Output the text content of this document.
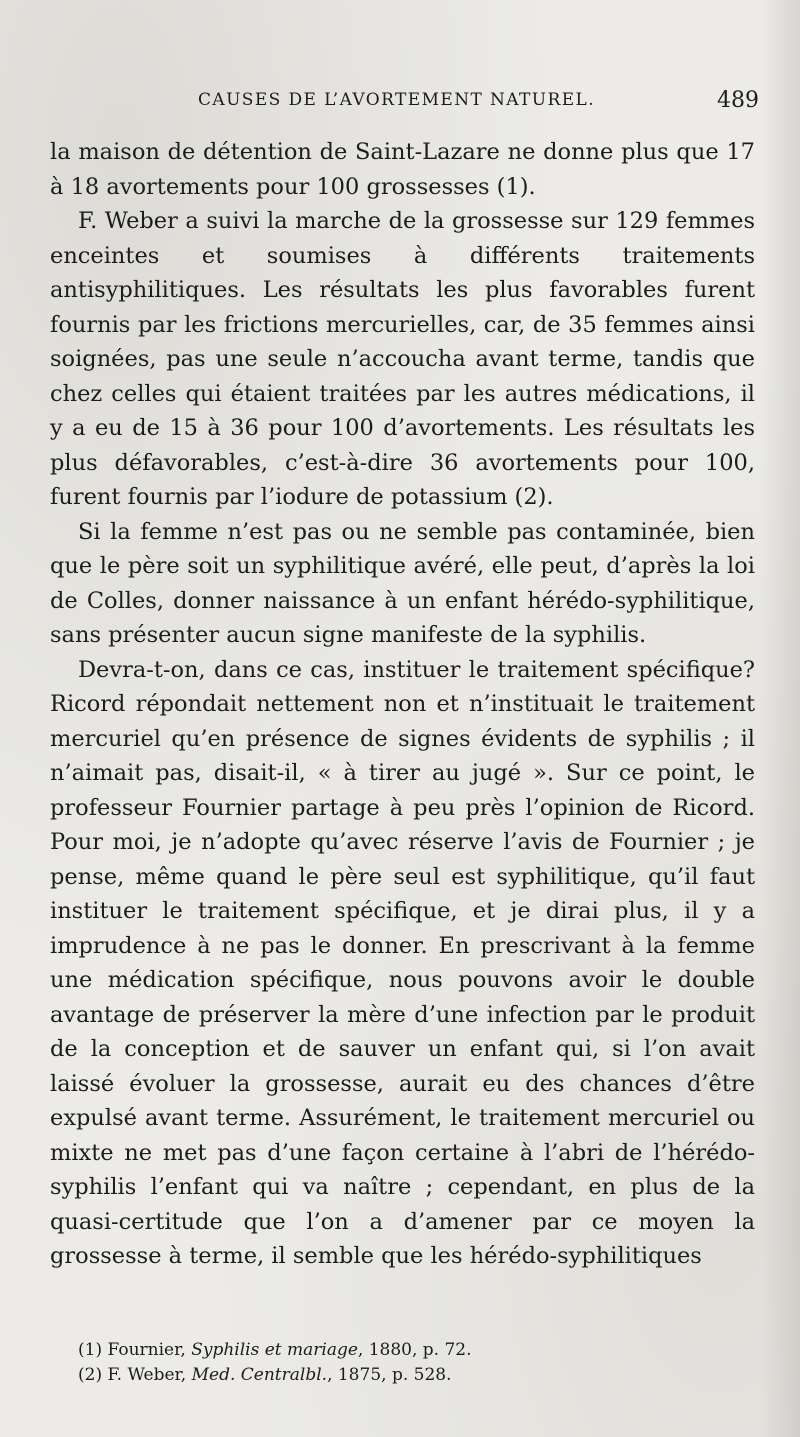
CAUSES DE L’AVORTEMENT NATUREL.	489

la maison de détention de Saint-Lazare ne donne plus que 17 à 18 avortements pour 100 grossesses (1).

F. Weber a suivi la marche de la grossesse sur 129 femmes enceintes et soumises à différents traitements antisyphilitiques. Les résultats les plus favorables furent fournis par les frictions mercurielles, car, de 35 femmes ainsi soignées, pas une seule n’accoucha avant terme, tandis que chez celles qui étaient traitées par les autres médications, il y a eu de 15 à 36 pour 100 d’avortements. Les résultats les plus défavorables, c’est-à-dire 36 avortements pour 100, furent fournis par l’iodure de potassium (2).

Si la femme n’est pas ou ne semble pas contaminée, bien que le père soit un syphilitique avéré, elle peut, d’après la loi de Colles, donner naissance à un enfant hérédo-syphilitique, sans présenter aucun signe manifeste de la syphilis.

Devra-t-on, dans ce cas, instituer le traitement spécifique? Ricord répondait nettement non et n’instituait le traitement mercuriel qu’en présence de signes évidents de syphilis ; il n’aimait pas, disait-il, « à tirer au jugé ». Sur ce point, le professeur Fournier partage à peu près l’opinion de Ricord. Pour moi, je n’adopte qu’avec réserve l’avis de Fournier ; je pense, même quand le père seul est syphilitique, qu’il faut instituer le traitement spécifique, et je dirai plus, il y a imprudence à ne pas le donner. En prescrivant à la femme une médication spécifique, nous pouvons avoir le double avantage de préserver la mère d’une infection par le produit de la conception et de sauver un enfant qui, si l’on avait laissé évoluer la grossesse, aurait eu des chances d’être expulsé avant terme. Assurément, le traitement mercuriel ou mixte ne met pas d’une façon certaine à l’abri de l’hérédo-syphilis l’enfant qui va naître ; cependant, en plus de la quasi-certitude que l’on a d’amener par ce moyen la grossesse à terme, il semble que les hérédo-syphilitiques

(1) Fournier, Syphilis et mariage, 1880, p. 72.

(2) F. Weber, Med. Centralbl., 1875, p. 528.
